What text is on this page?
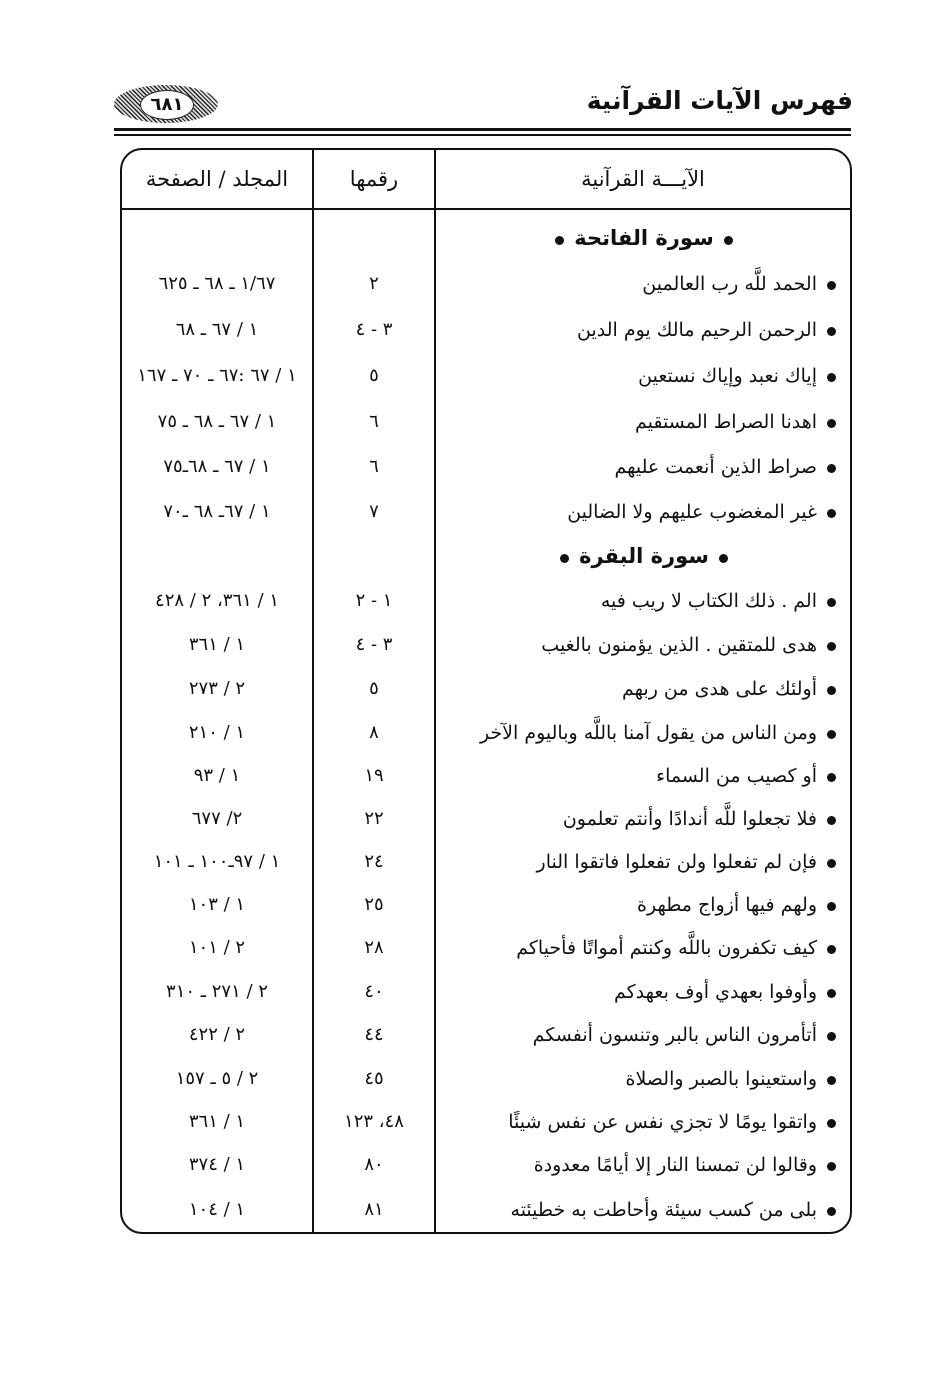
فهرس الآيات القرآنية
٦٨١
الآيـــة القرآنية
رقمها
المجلد / الصفحة
سورة الفاتحة
الحمد للَّه رب العالمين
٢
١/٦٧ ـ ٦٨ ـ ٦٢٥
الرحمن الرحيم مالك يوم الدين
٣ - ٤
١ / ٦٧ ـ ٦٨
إياك نعبد وإياك نستعين
٥
١ / ٦٧ :٦٧ ـ ٧٠ ـ ١٦٧
اهدنا الصراط المستقيم
٦
١ / ٦٧ ـ ٦٨ ـ ٧٥
صراط الذين أنعمت عليهم
٦
١ / ٦٧ ـ ٦٨ـ٧٥
غير المغضوب عليهم ولا الضالين
٧
١ / ٦٧ـ ٦٨ ـ٧٠
سورة البقرة
الم . ذلك الكتاب لا ريب فيه
١ - ٢
١ / ٣٦١، ٢ / ٤٢٨
هدى للمتقين . الذين يؤمنون بالغيب
٣ - ٤
١ / ٣٦١
أولئك على هدى من ربهم
٥
٢ / ٢٧٣
ومن الناس من يقول آمنا باللَّه وباليوم الآخر
٨
١ / ٢١٠
أو كصيب من السماء
١٩
١ / ٩٣
فلا تجعلوا للَّه أندادًا وأنتم تعلمون
٢٢
٢/ ٦٧٧
فإن لم تفعلوا ولن تفعلوا فاتقوا النار
٢٤
١ / ٩٧ـ١٠٠ ـ ١٠١
ولهم فيها أزواج مطهرة
٢٥
١ / ١٠٣
كيف تكفرون باللَّه وكنتم أمواتًا فأحياكم
٢٨
٢ / ١٠١
وأوفوا بعهدي أوف بعهدكم
٤٠
٢ / ٢٧١ ـ ٣١٠
أتأمرون الناس بالبر وتنسون أنفسكم
٤٤
٢ / ٤٢٢
واستعينوا بالصبر والصلاة
٤٥
٢ / ٥ ـ ١٥٧
واتقوا يومًا لا تجزي نفس عن نفس شيئًا
٤٨، ١٢٣
١ / ٣٦١
وقالوا لن تمسنا النار إلا أيامًا معدودة
٨٠
١ / ٣٧٤
بلى من كسب سيئة وأحاطت به خطيئته
٨١
١ / ١٠٤
